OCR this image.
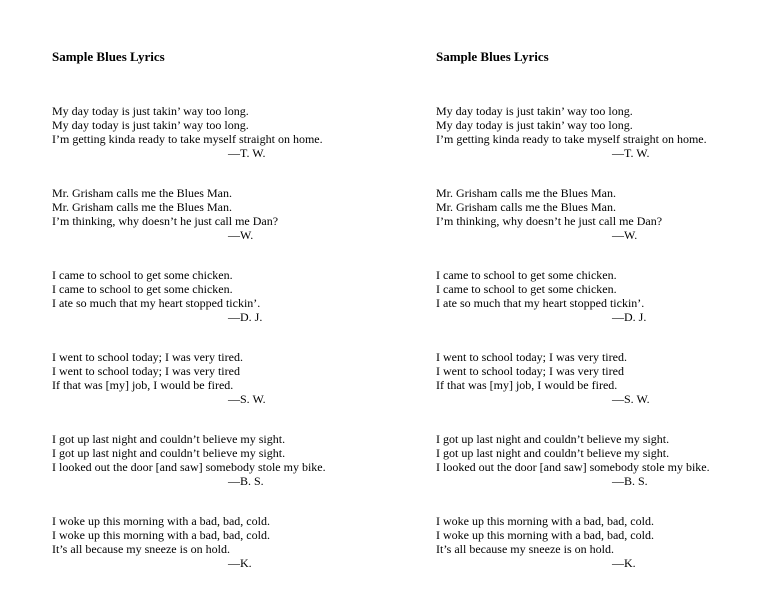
Sample Blues Lyrics
My day today is just takin’ way too long.
My day today is just takin’ way too long.
I’m getting kinda ready to take myself straight on home.
—T. W.
Mr. Grisham calls me the Blues Man.
Mr. Grisham calls me the Blues Man.
I’m thinking, why doesn’t he just call me Dan?
—W.
I came to school to get some chicken.
I came to school to get some chicken.
I ate so much that my heart stopped tickin’.
—D. J.
I went to school today; I was very tired.
I went to school today; I was very tired
If that was [my] job, I would be fired.
—S. W.
I got up last night and couldn’t believe my sight.
I got up last night and couldn’t believe my sight.
I looked out the door [and saw] somebody stole my bike.
—B. S.
I woke up this morning with a bad, bad, cold.
I woke up this morning with a bad, bad, cold.
It’s all because my sneeze is on hold.
—K.
Sample Blues Lyrics
My day today is just takin’ way too long.
My day today is just takin’ way too long.
I’m getting kinda ready to take myself straight on home.
—T. W.
Mr. Grisham calls me the Blues Man.
Mr. Grisham calls me the Blues Man.
I’m thinking, why doesn’t he just call me Dan?
—W.
I came to school to get some chicken.
I came to school to get some chicken.
I ate so much that my heart stopped tickin’.
—D. J.
I went to school today; I was very tired.
I went to school today; I was very tired
If that was [my] job, I would be fired.
—S. W.
I got up last night and couldn’t believe my sight.
I got up last night and couldn’t believe my sight.
I looked out the door [and saw] somebody stole my bike.
—B. S.
I woke up this morning with a bad, bad, cold.
I woke up this morning with a bad, bad, cold.
It’s all because my sneeze is on hold.
—K.
